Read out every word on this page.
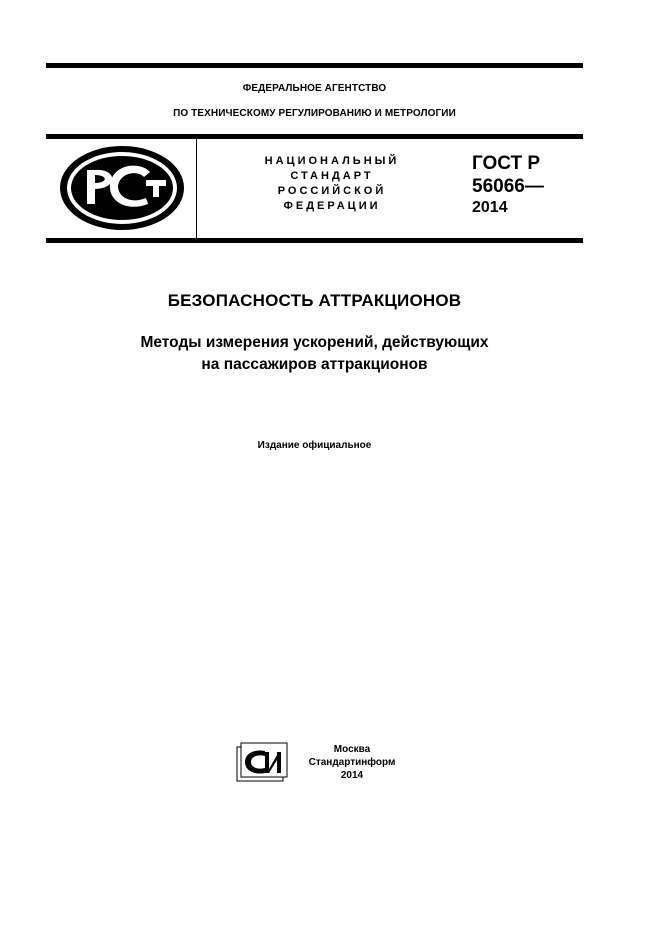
ФЕДЕРАЛЬНОЕ АГЕНТСТВО
ПО ТЕХНИЧЕСКОМУ РЕГУЛИРОВАНИЮ И МЕТРОЛОГИИ
НАЦИОНАЛЬНЫЙ
СТАНДАРТ
РОССИЙСКОЙ
ФЕДЕРАЦИИ
ГОСТ Р
56066—
2014
БЕЗОПАСНОСТЬ АТТРАКЦИОНОВ
Методы измерения ускорений, действующих
на пассажиров аттракционов
Издание официальное
Москва
Стандартинформ
2014
